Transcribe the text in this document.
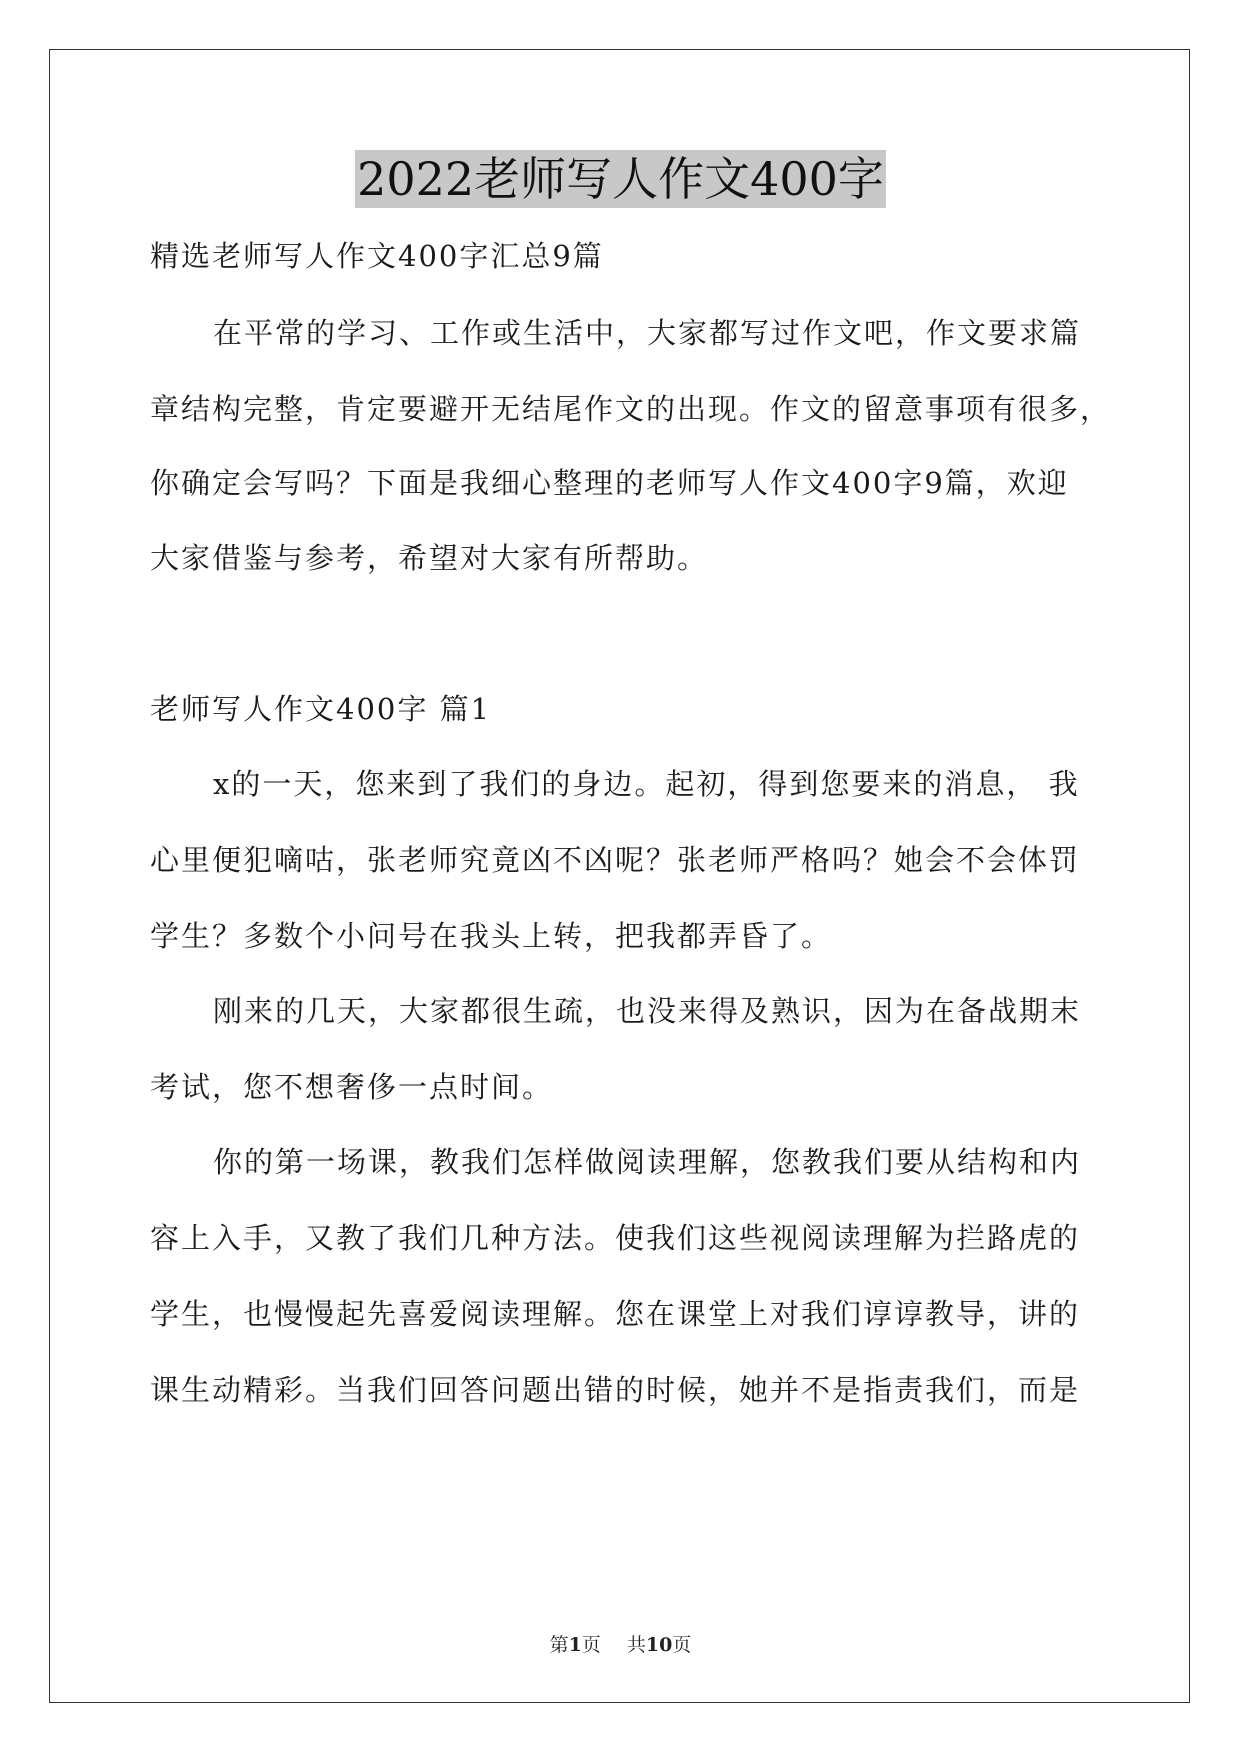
2022老师写人作文400字
精选老师写人作文400字汇总9篇
在平常的学习、工作或生活中，大家都写过作文吧，作文要求篇
章结构完整，肯定要避开无结尾作文的出现。作文的留意事项有很多，
你确定会写吗？下面是我细心整理的老师写人作文400字9篇，欢迎
大家借鉴与参考，希望对大家有所帮助。
老师写人作文400字 篇1
x的一天，您来到了我们的身边。起初，得到您要来的消息， 我
心里便犯嘀咕，张老师究竟凶不凶呢？张老师严格吗？她会不会体罚
学生？多数个小问号在我头上转，把我都弄昏了。
刚来的几天，大家都很生疏，也没来得及熟识，因为在备战期末
考试，您不想奢侈一点时间。
你的第一场课，教我们怎样做阅读理解，您教我们要从结构和内
容上入手，又教了我们几种方法。使我们这些视阅读理解为拦路虎的
学生，也慢慢起先喜爱阅读理解。您在课堂上对我们谆谆教导，讲的
课生动精彩。当我们回答问题出错的时候，她并不是指责我们，而是
第1页 共10页
